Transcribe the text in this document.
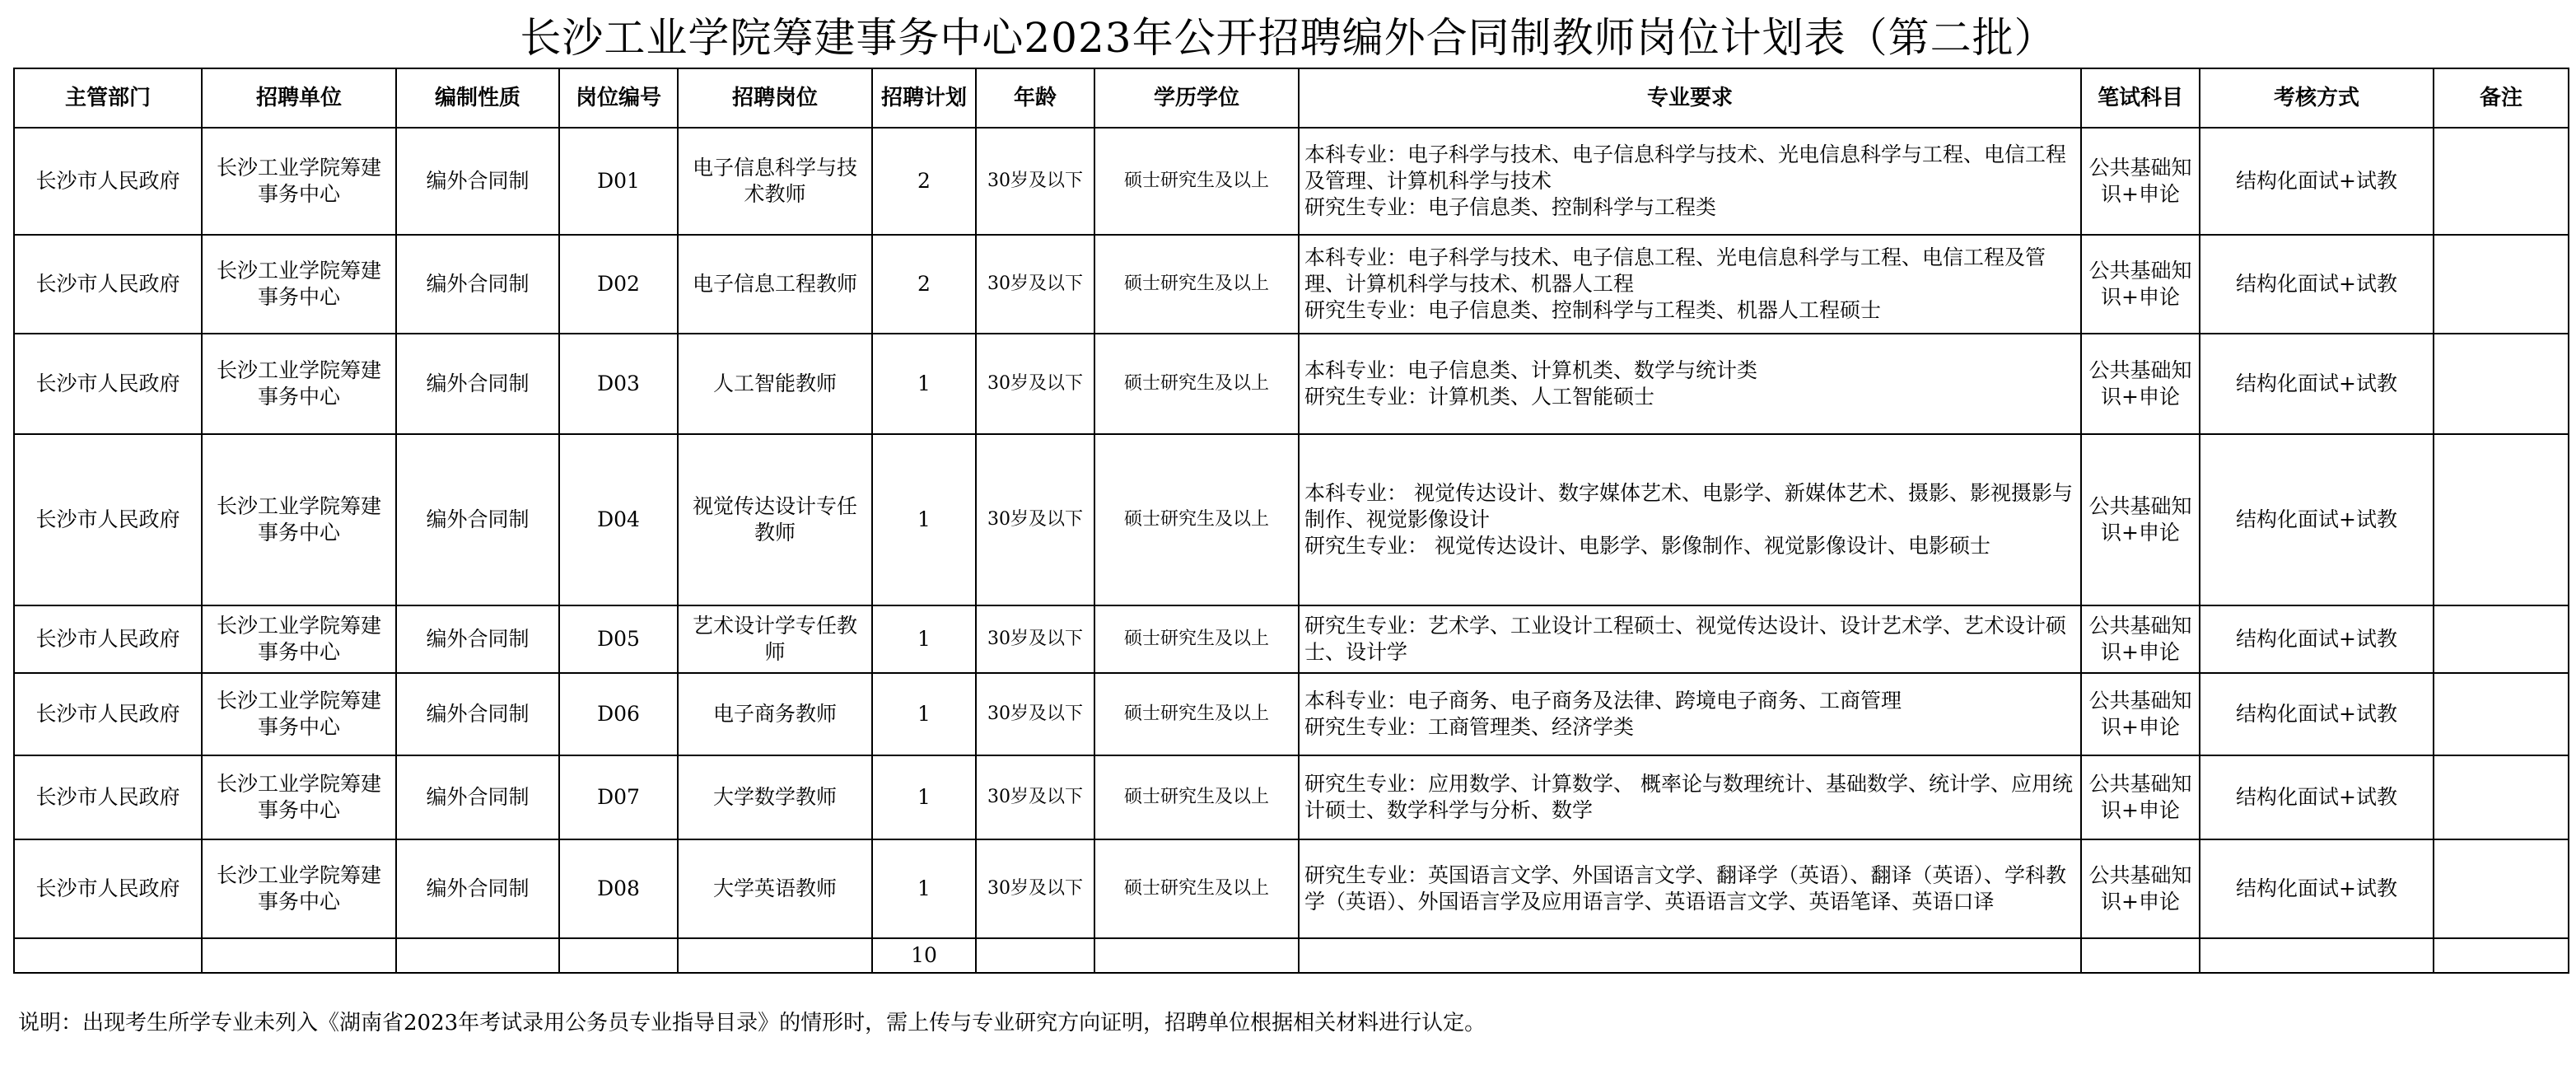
长沙工业学院筹建事务中心2023年公开招聘编外合同制教师岗位计划表（第二批）
主管部门	招聘单位	编制性质	岗位编号	招聘岗位	招聘计划	年龄	学历学位	专业要求	笔试科目	考核方式	备注
长沙市人民政府	长沙工业学院筹建事务中心	编外合同制	D01	电子信息科学与技术教师	2	30岁及以下	硕士研究生及以上	本科专业：电子科学与技术、电子信息科学与技术、光电信息科学与工程、电信工程及管理、计算机科学与技术
研究生专业：电子信息类、控制科学与工程类	公共基础知识+申论	结构化面试+试教	
长沙市人民政府	长沙工业学院筹建事务中心	编外合同制	D02	电子信息工程教师	2	30岁及以下	硕士研究生及以上	本科专业：电子科学与技术、电子信息工程、光电信息科学与工程、电信工程及管理、计算机科学与技术、机器人工程
研究生专业：电子信息类、控制科学与工程类、机器人工程硕士	公共基础知识+申论	结构化面试+试教	
长沙市人民政府	长沙工业学院筹建事务中心	编外合同制	D03	人工智能教师	1	30岁及以下	硕士研究生及以上	本科专业：电子信息类、计算机类、数学与统计类
研究生专业：计算机类、人工智能硕士	公共基础知识+申论	结构化面试+试教	
长沙市人民政府	长沙工业学院筹建事务中心	编外合同制	D04	视觉传达设计专任教师	1	30岁及以下	硕士研究生及以上	本科专业： 视觉传达设计、数字媒体艺术、电影学、新媒体艺术、摄影、影视摄影与制作、视觉影像设计
研究生专业： 视觉传达设计、电影学、影像制作、视觉影像设计、电影硕士	公共基础知识+申论	结构化面试+试教	
长沙市人民政府	长沙工业学院筹建事务中心	编外合同制	D05	艺术设计学专任教师	1	30岁及以下	硕士研究生及以上	研究生专业：艺术学、工业设计工程硕士、视觉传达设计、设计艺术学、艺术设计硕士、设计学	公共基础知识+申论	结构化面试+试教	
长沙市人民政府	长沙工业学院筹建事务中心	编外合同制	D06	电子商务教师	1	30岁及以下	硕士研究生及以上	本科专业：电子商务、电子商务及法律、跨境电子商务、工商管理
研究生专业：工商管理类、经济学类	公共基础知识+申论	结构化面试+试教	
长沙市人民政府	长沙工业学院筹建事务中心	编外合同制	D07	大学数学教师	1	30岁及以下	硕士研究生及以上	研究生专业：应用数学、计算数学、 概率论与数理统计、基础数学、统计学、应用统计硕士、数学科学与分析、数学	公共基础知识+申论	结构化面试+试教	
长沙市人民政府	长沙工业学院筹建事务中心	编外合同制	D08	大学英语教师	1	30岁及以下	硕士研究生及以上	研究生专业：英国语言文学、外国语言文学、翻译学（英语）、翻译（英语）、学科教学（英语）、外国语言学及应用语言学、英语语言文学、英语笔译、英语口译	公共基础知识+申论	结构化面试+试教	
					10						
说明：出现考生所学专业未列入《湖南省2023年考试录用公务员专业指导目录》的情形时，需上传与专业研究方向证明，招聘单位根据相关材料进行认定。
